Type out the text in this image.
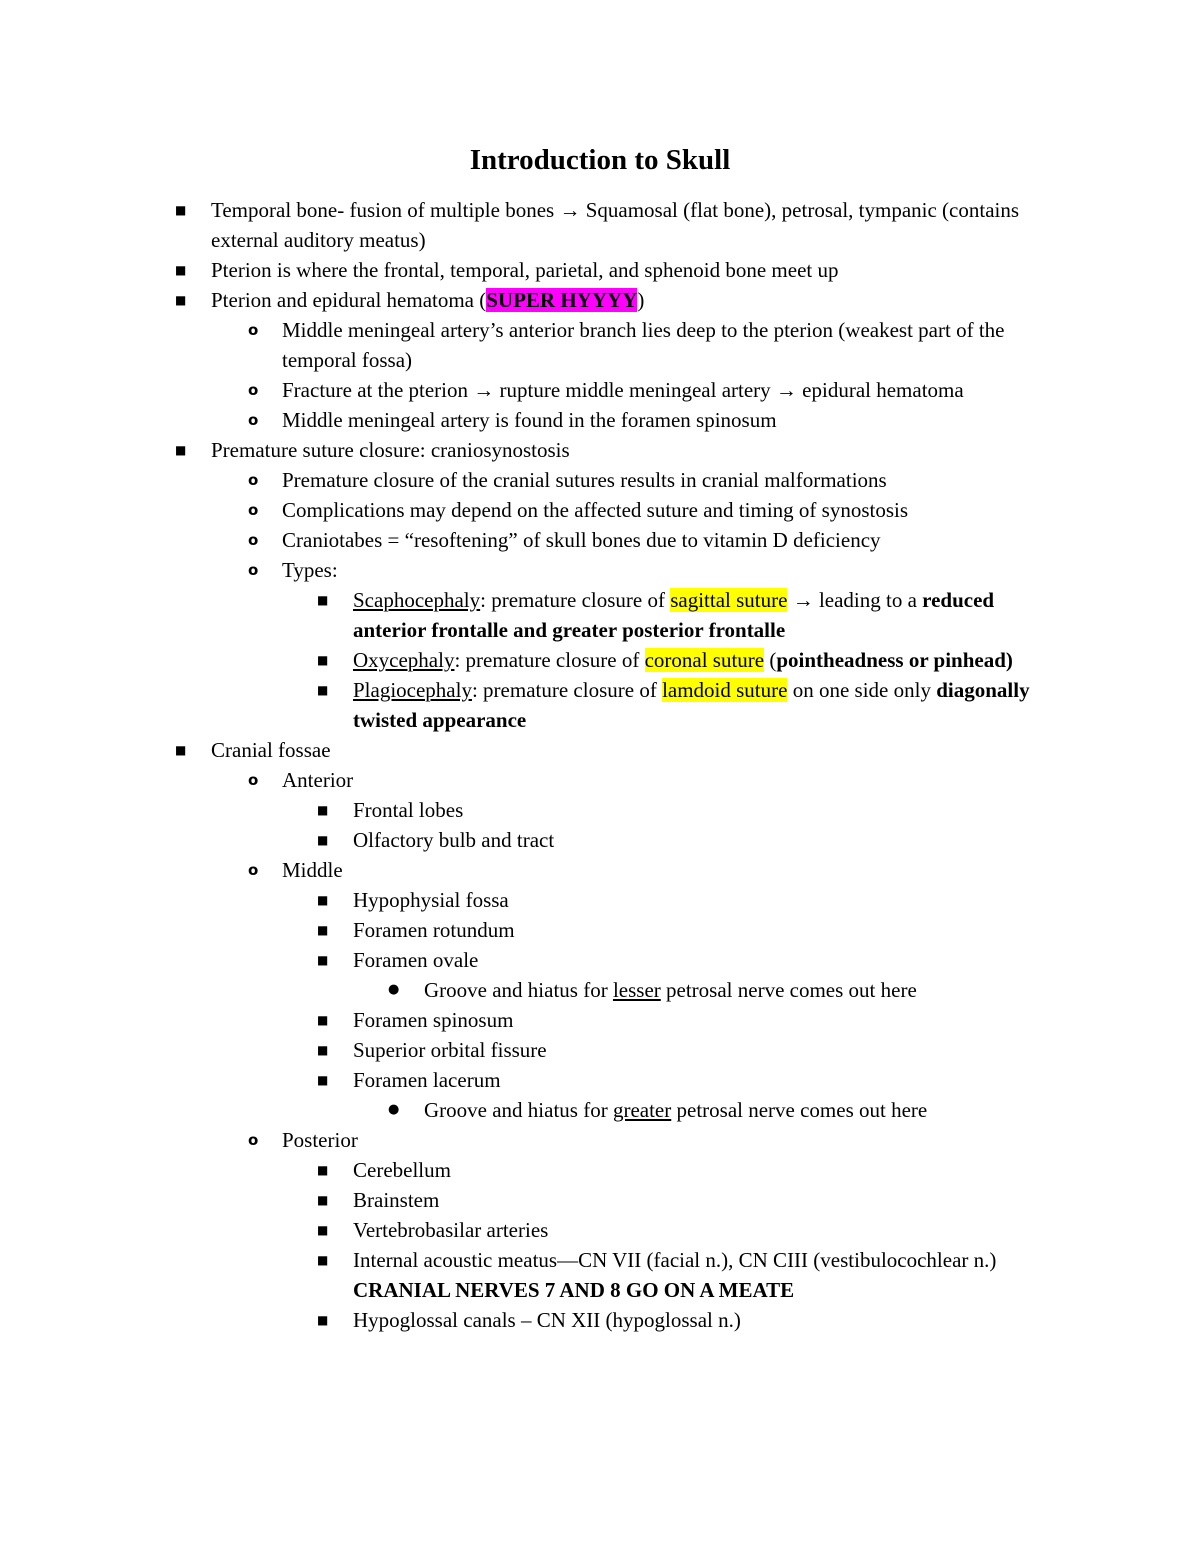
Introduction to Skull
■ Temporal bone- fusion of multiple bones → Squamosal (flat bone), petrosal, tympanic (contains external auditory meatus)
■ Pterion is where the frontal, temporal, parietal, and sphenoid bone meet up
■ Pterion and epidural hematoma (SUPER HYYYY)
o Middle meningeal artery’s anterior branch lies deep to the pterion (weakest part of the temporal fossa)
o Fracture at the pterion → rupture middle meningeal artery → epidural hematoma
o Middle meningeal artery is found in the foramen spinosum
■ Premature suture closure: craniosynostosis
o Premature closure of the cranial sutures results in cranial malformations
o Complications may depend on the affected suture and timing of synostosis
o Craniotabes = “resoftening” of skull bones due to vitamin D deficiency
o Types:
■ Scaphocephaly: premature closure of sagittal suture → leading to a reduced anterior frontalle and greater posterior frontalle
■ Oxycephaly: premature closure of coronal suture (pointheadness or pinhead)
■ Plagiocephaly: premature closure of lamdoid suture on one side only diagonally twisted appearance
■ Cranial fossae
o Anterior
■ Frontal lobes
■ Olfactory bulb and tract
o Middle
■ Hypophysial fossa
■ Foramen rotundum
■ Foramen ovale
● Groove and hiatus for lesser petrosal nerve comes out here
■ Foramen spinosum
■ Superior orbital fissure
■ Foramen lacerum
● Groove and hiatus for greater petrosal nerve comes out here
o Posterior
■ Cerebellum
■ Brainstem
■ Vertebrobasilar arteries
■ Internal acoustic meatus—CN VII (facial n.), CN CIII (vestibulocochlear n.) CRANIAL NERVES 7 AND 8 GO ON A MEATE
■ Hypoglossal canals – CN XII (hypoglossal n.)
